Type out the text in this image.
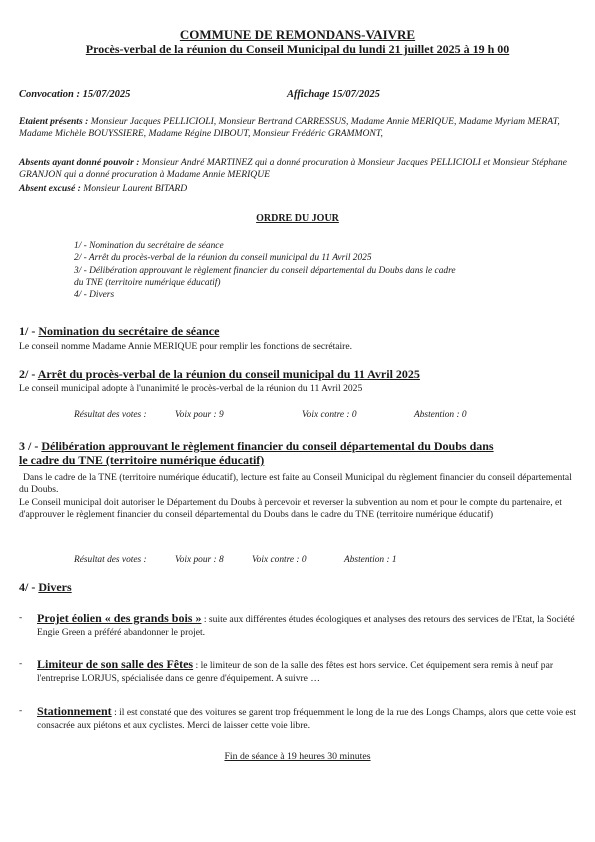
COMMUNE DE REMONDANS-VAIVRE
Procès-verbal de la réunion du Conseil Municipal du lundi 21 juillet 2025 à 19 h 00
Convocation : 15/07/2025	Affichage 15/07/2025
Etaient présents : Monsieur Jacques PELLICIOLI, Monsieur Bertrand CARRESSUS, Madame Annie MERIQUE, Madame Myriam MERAT, Madame Michèle BOUYSSIERE, Madame Régine DIBOUT, Monsieur Frédéric GRAMMONT,
Absents ayant donné pouvoir : Monsieur André MARTINEZ qui a donné procuration à Monsieur Jacques PELLICIOLI et Monsieur Stéphane GRANJON qui a donné procuration à Madame Annie MERIQUE
Absent excusé : Monsieur Laurent BITARD
ORDRE DU JOUR
1/ - Nomination du secrétaire de séance
2/ - Arrêt du procès-verbal de la réunion du conseil municipal du 11 Avril 2025
3/ - Délibération approuvant le règlement financier du conseil départemental du Doubs dans le cadre
du TNE (territoire numérique éducatif)
4/ - Divers
1/ - Nomination du secrétaire de séance
Le conseil nomme Madame Annie MERIQUE pour remplir les fonctions de secrétaire.
2/ - Arrêt du procès-verbal de la réunion du conseil municipal du 11 Avril 2025
Le conseil municipal adopte à l'unanimité le procès-verbal de la réunion du 11 Avril 2025
Résultat des votes :	Voix pour : 9	Voix contre : 0	Abstention : 0
3 / - Délibération approuvant le règlement financier du conseil départemental du Doubs dans
le cadre du TNE (territoire numérique éducatif)
Dans le cadre de la TNE (territoire numérique éducatif), lecture est faite au Conseil Municipal du règlement financier du conseil départemental du Doubs.
Le Conseil municipal doit autoriser le Département du Doubs à percevoir et reverser la subvention au nom et pour le compte du partenaire, et d'approuver le règlement financier du conseil départemental du Doubs dans le cadre du TNE (territoire numérique éducatif)
Résultat des votes :	Voix pour : 8	Voix contre : 0	Abstention : 1
4/ - Divers
-	Projet éolien « des grands bois » : suite aux différentes études écologiques et analyses des retours des services de l'Etat, la Société Engie Green a préféré abandonner le projet.
-	Limiteur de son salle des Fêtes : le limiteur de son de la salle des fêtes est hors service. Cet équipement sera remis à neuf par l'entreprise LORJUS, spécialisée dans ce genre d'équipement. A suivre …
-	Stationnement : il est constaté que des voitures se garent trop fréquemment le long de la rue des Longs Champs, alors que cette voie est consacrée aux piétons et aux cyclistes. Merci de laisser cette voie libre.
Fin de séance à 19 heures 30 minutes
